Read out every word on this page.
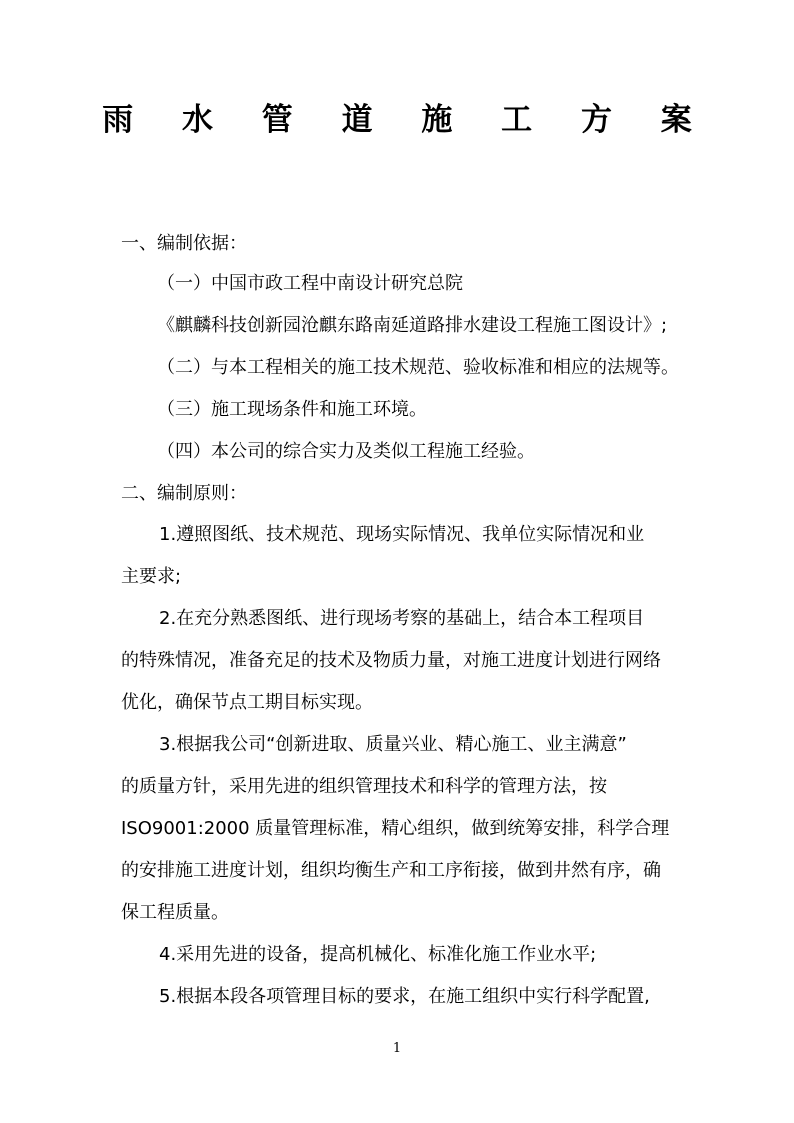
雨 水 管 道 施 工 方 案
一、编制依据：
（一）中国市政工程中南设计研究总院
《麒麟科技创新园沧麒东路南延道路排水建设工程施工图设计》;
（二）与本工程相关的施工技术规范、验收标准和相应的法规等。
（三）施工现场条件和施工环境。
（四）本公司的综合实力及类似工程施工经验。
二、编制原则：
1.遵照图纸、技术规范、现场实际情况、我单位实际情况和业
主要求;
2.在充分熟悉图纸、进行现场考察的基础上，结合本工程项目
的特殊情况，准备充足的技术及物质力量，对施工进度计划进行网络
优化，确保节点工期目标实现。
3.根据我公司“创新进取、质量兴业、精心施工、业主满意”
的质量方针，采用先进的组织管理技术和科学的管理方法，按
ISO9001:2000 质量管理标准，精心组织，做到统筹安排，科学合理
的安排施工进度计划，组织均衡生产和工序衔接，做到井然有序，确
保工程质量。
4.采用先进的设备，提高机械化、标准化施工作业水平;
5.根据本段各项管理目标的要求，在施工组织中实行科学配置,
1
